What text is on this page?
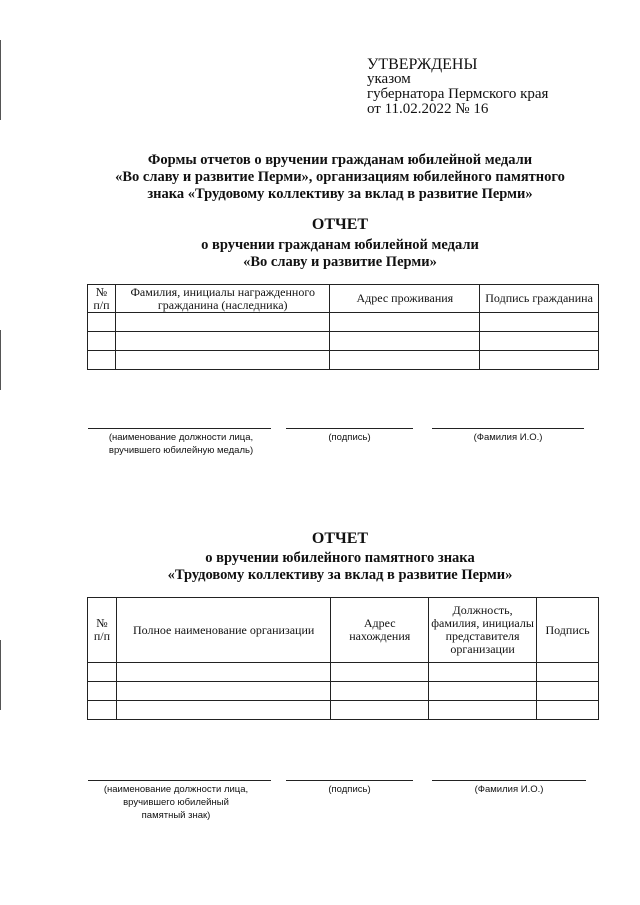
УТВЕРЖДЕНЫ
указом
губернатора Пермского края
от 11.02.2022 № 16
Формы отчетов о вручении гражданам юбилейной медали
«Во славу и развитие Перми», организациям юбилейного памятного
знака «Трудовому коллективу за вклад в развитие Перми»
ОТЧЕТ
о вручении гражданам юбилейной медали
«Во славу и развитие Перми»
№ п/п	Фамилия, инициалы награжденного гражданина (наследника)	Адрес проживания	Подпись гражданина

(наименование должности лица, вручившего юбилейную медаль)
(подпись)	(Фамилия И.О.)
ОТЧЕТ
о вручении юбилейного памятного знака
«Трудовому коллективу за вклад в развитие Перми»
№ п/п	Полное наименование организации	Адрес нахождения	Должность, фамилия, инициалы представителя организации	Подпись

(наименование должности лица, вручившего юбилейный памятный знак)
(подпись)	(Фамилия И.О.)
